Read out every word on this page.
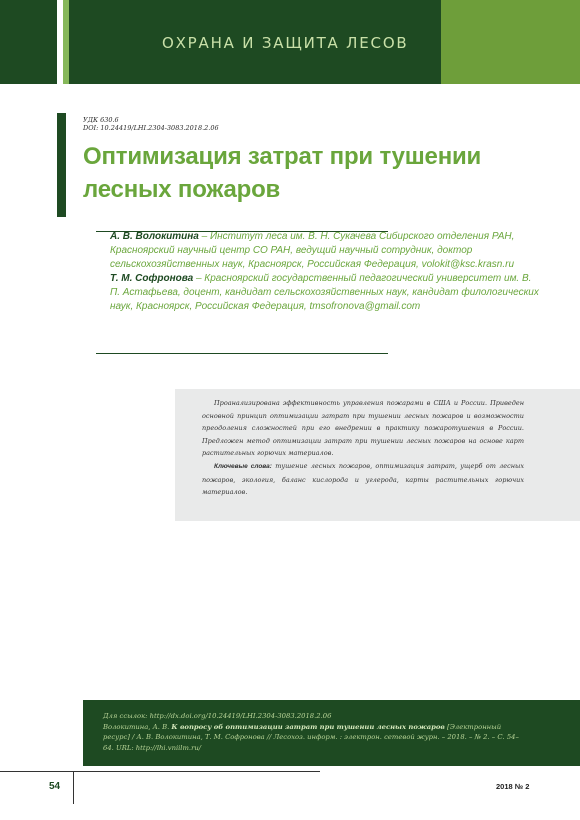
ОХРАНА И ЗАЩИТА ЛЕСОВ
УДК 630.6
DOI: 10.24419/LHI.2304-3083.2018.2.06
Оптимизация затрат при тушении
лесных пожаров
А. В. Волокитина – Институт леса им. В. Н. Сукачева Сибирского отделения РАН, Красноярский научный центр СО РАН, ведущий научный сотрудник, доктор сельскохозяйственных наук, Красноярск, Российская Федерация, volokit@ksc.krasn.ru
Т. М. Софронова – Красноярский государственный педагогический университет им. В. П. Астафьева, доцент, кандидат сельскохозяйственных наук, кандидат филологических наук, Красноярск, Российская Федерация, tmsofronova@gmail.com

Проанализирована эффективность управления пожарами в США и России. Приведен основной принцип оптимизации затрат при тушении лесных пожаров и возможности преодоления сложностей при его внедрении в практику пожаротушения в России. Предложен метод оптимизации затрат при тушении лесных пожаров на основе карт растительных горючих материалов.

Ключевые слова: тушение лесных пожаров, оптимизация затрат, ущерб от лесных пожаров, экология, баланс кислорода и углерода, карты растительных горючих материалов.

Для ссылок: http://dx.doi.org/10.24419/LHI.2304-3083.2018.2.06
Волокитина, А. В. К вопросу об оптимизации затрат при тушении лесных пожаров [Электронный ресурс] / А. В. Волокитина, Т. М. Софронова // Лесохоз. информ. : электрон. сетевой журн. – 2018. – № 2. – С. 54–64. URL: http://lhi.vniilm.ru/
54	2018 № 2
